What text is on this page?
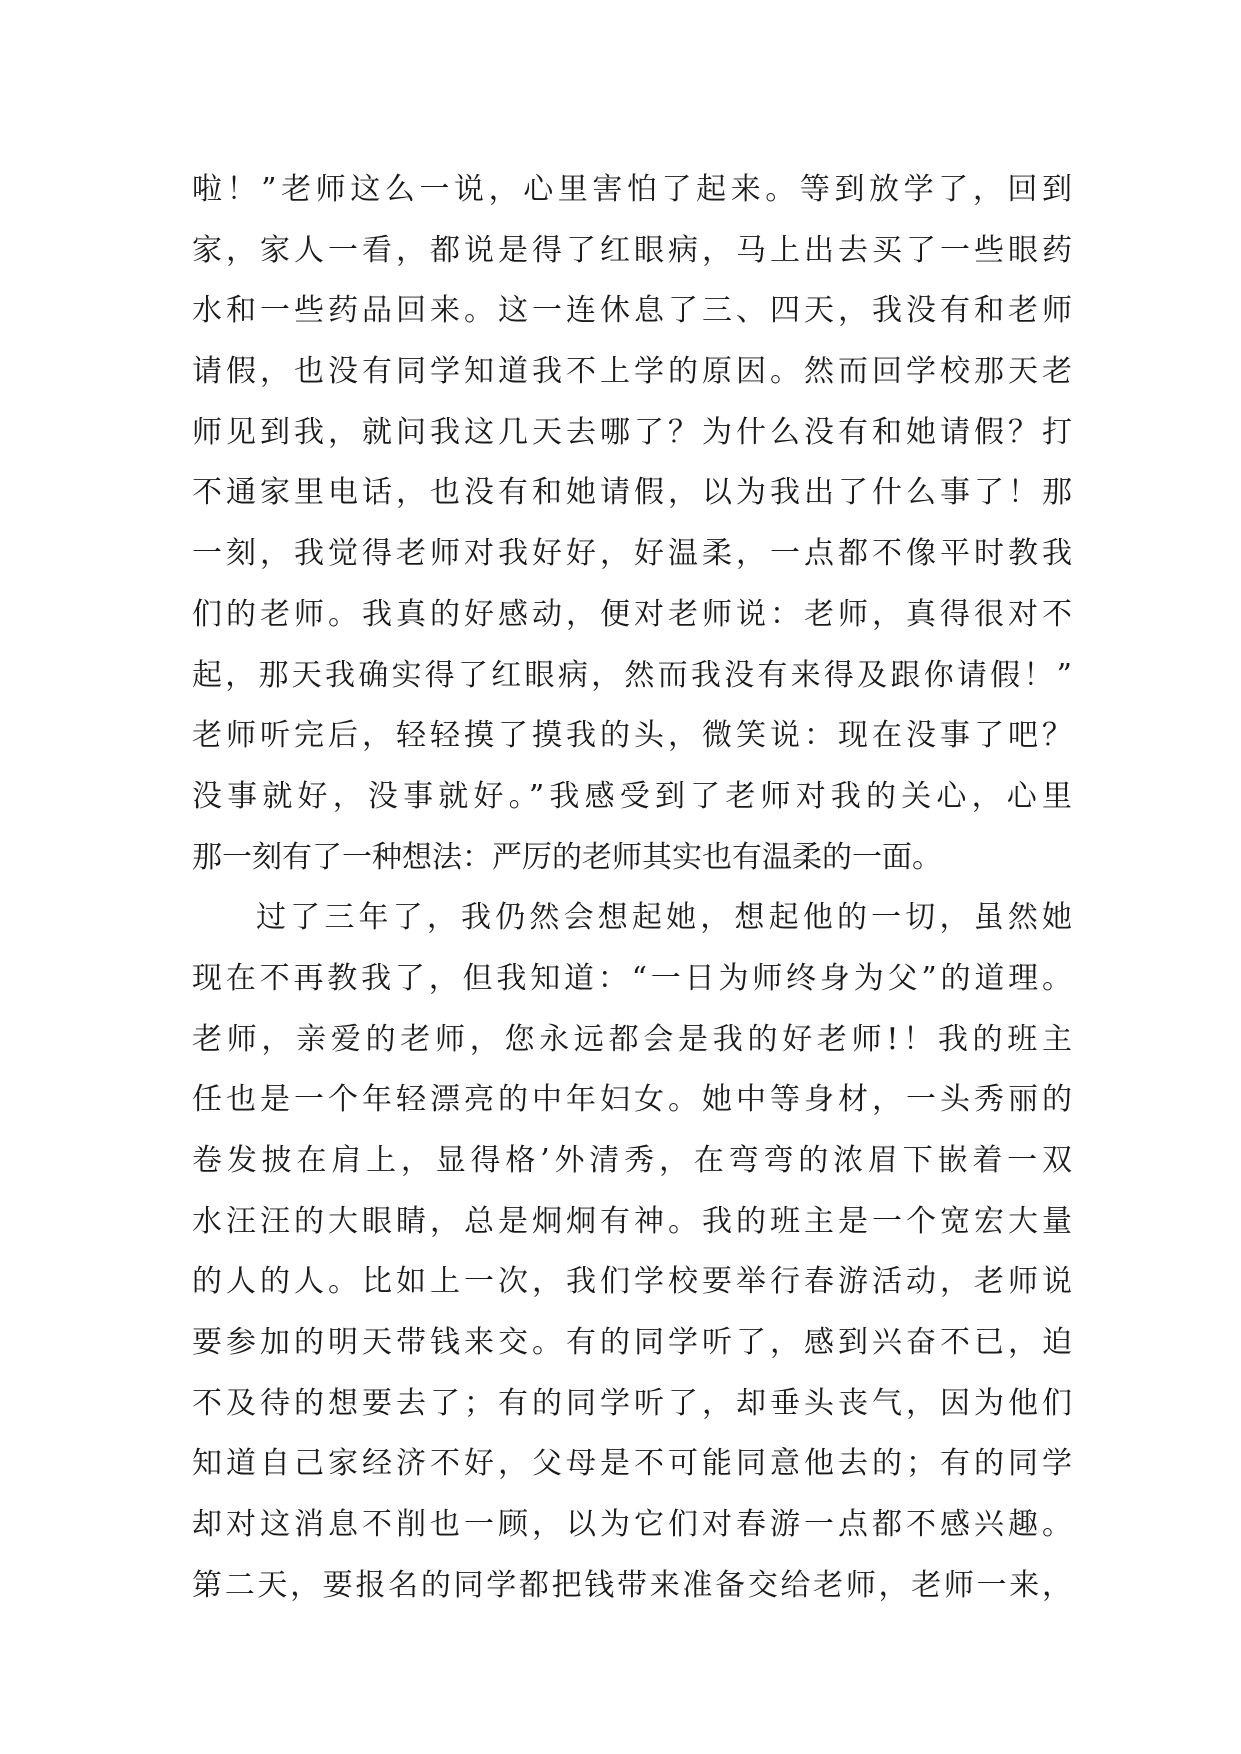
啦！”老师这么一说，心里害怕了起来。等到放学了，回到
家，家人一看，都说是得了红眼病，马上出去买了一些眼药
水和一些药品回来。这一连休息了三、四天，我没有和老师
请假，也没有同学知道我不上学的原因。然而回学校那天老
师见到我，就问我这几天去哪了？为什么没有和她请假？打
不通家里电话，也没有和她请假，以为我出了什么事了！那
一刻，我觉得老师对我好好，好温柔，一点都不像平时教我
们的老师。我真的好感动，便对老师说：老师，真得很对不
起，那天我确实得了红眼病，然而我没有来得及跟你请假！”
老师听完后，轻轻摸了摸我的头，微笑说：现在没事了吧？
没事就好，没事就好。”我感受到了老师对我的关心，心里
那一刻有了一种想法：严厉的老师其实也有温柔的一面。
过了三年了，我仍然会想起她，想起他的一切，虽然她
现在不再教我了，但我知道：“一日为师终身为父”的道理。
老师，亲爱的老师，您永远都会是我的好老师!！我的班主
任也是一个年轻漂亮的中年妇女。她中等身材，一头秀丽的
卷发披在肩上，显得格’外清秀，在弯弯的浓眉下嵌着一双
水汪汪的大眼睛，总是炯炯有神。我的班主是一个宽宏大量
的人的人。比如上一次，我们学校要举行春游活动，老师说
要参加的明天带钱来交。有的同学听了，感到兴奋不已，迫
不及待的想要去了；有的同学听了，却垂头丧气，因为他们
知道自己家经济不好，父母是不可能同意他去的；有的同学
却对这消息不削也一顾，以为它们对春游一点都不感兴趣。
第二天，要报名的同学都把钱带来准备交给老师，老师一来，
